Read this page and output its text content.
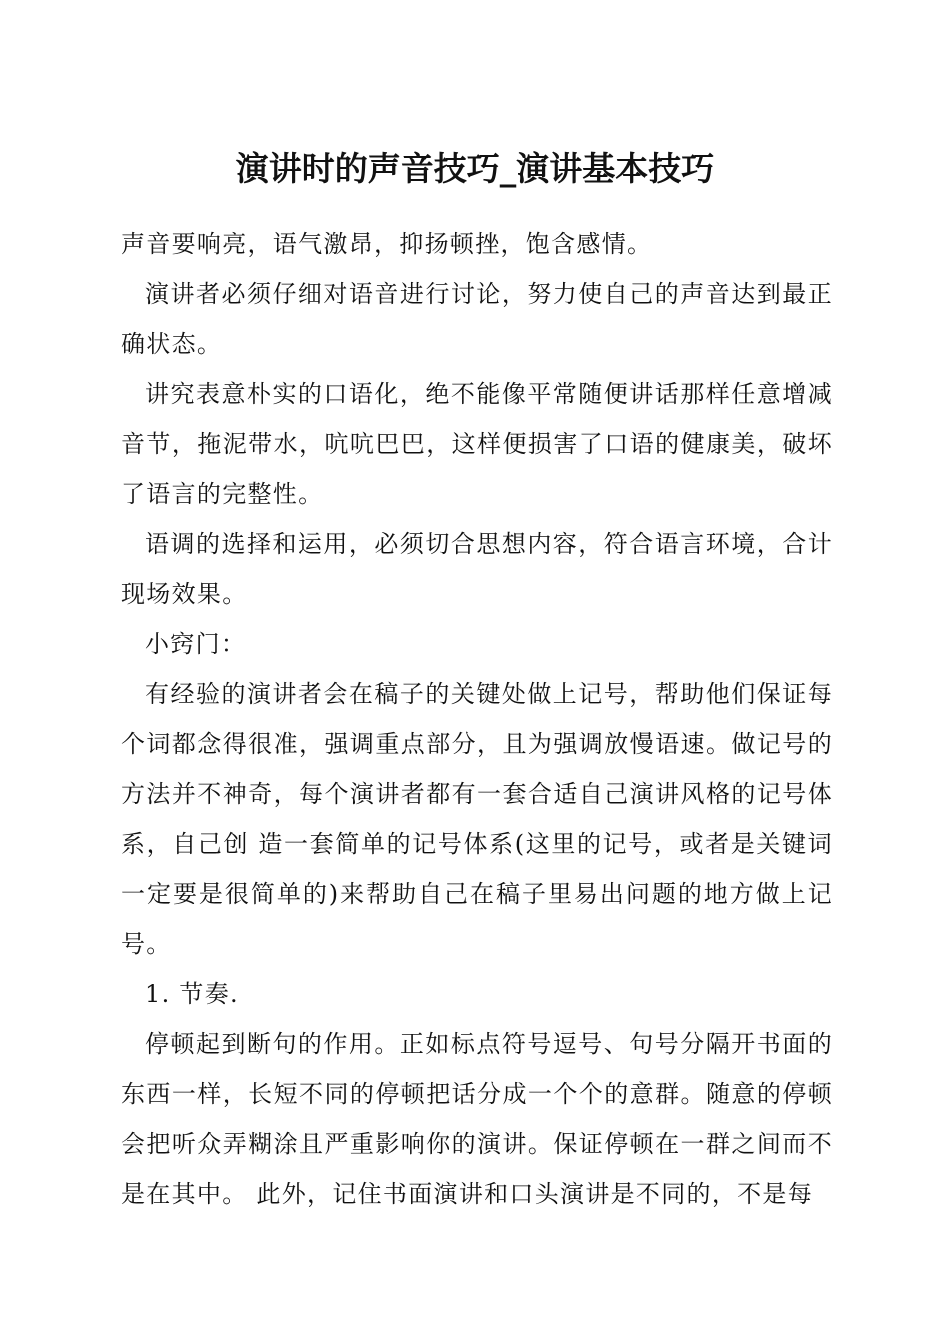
演讲时的声音技巧_演讲基本技巧

声音要响亮，语气激昂，抑扬顿挫，饱含感情。

演讲者必须仔细对语音进行讨论，努力使自己的声音达到最正确状态。

讲究表意朴实的口语化，绝不能像平常随便讲话那样任意增减音节，拖泥带水，吭吭巴巴，这样便损害了口语的健康美，破坏了语言的完整性。

语调的选择和运用，必须切合思想内容，符合语言环境，合计现场效果。

小窍门：

有经验的演讲者会在稿子的关键处做上记号，帮助他们保证每个词都念得很准，强调重点部分，且为强调放慢语速。做记号的方法并不神奇，每个演讲者都有一套合适自己演讲风格的记号体系，自己创 造一套简单的记号体系(这里的记号，或者是关键词一定要是很简单的)来帮助自己在稿子里易出问题的地方做上记号。

1. 节奏.

停顿起到断句的作用。正如标点符号逗号、句号分隔开书面的东西一样，长短不同的停顿把话分成一个个的意群。随意的停顿会把听众弄糊涂且严重影响你的演讲。保证停顿在一群之间而不是在其中。 此外，记住书面演讲和口头演讲是不同的，不是每
